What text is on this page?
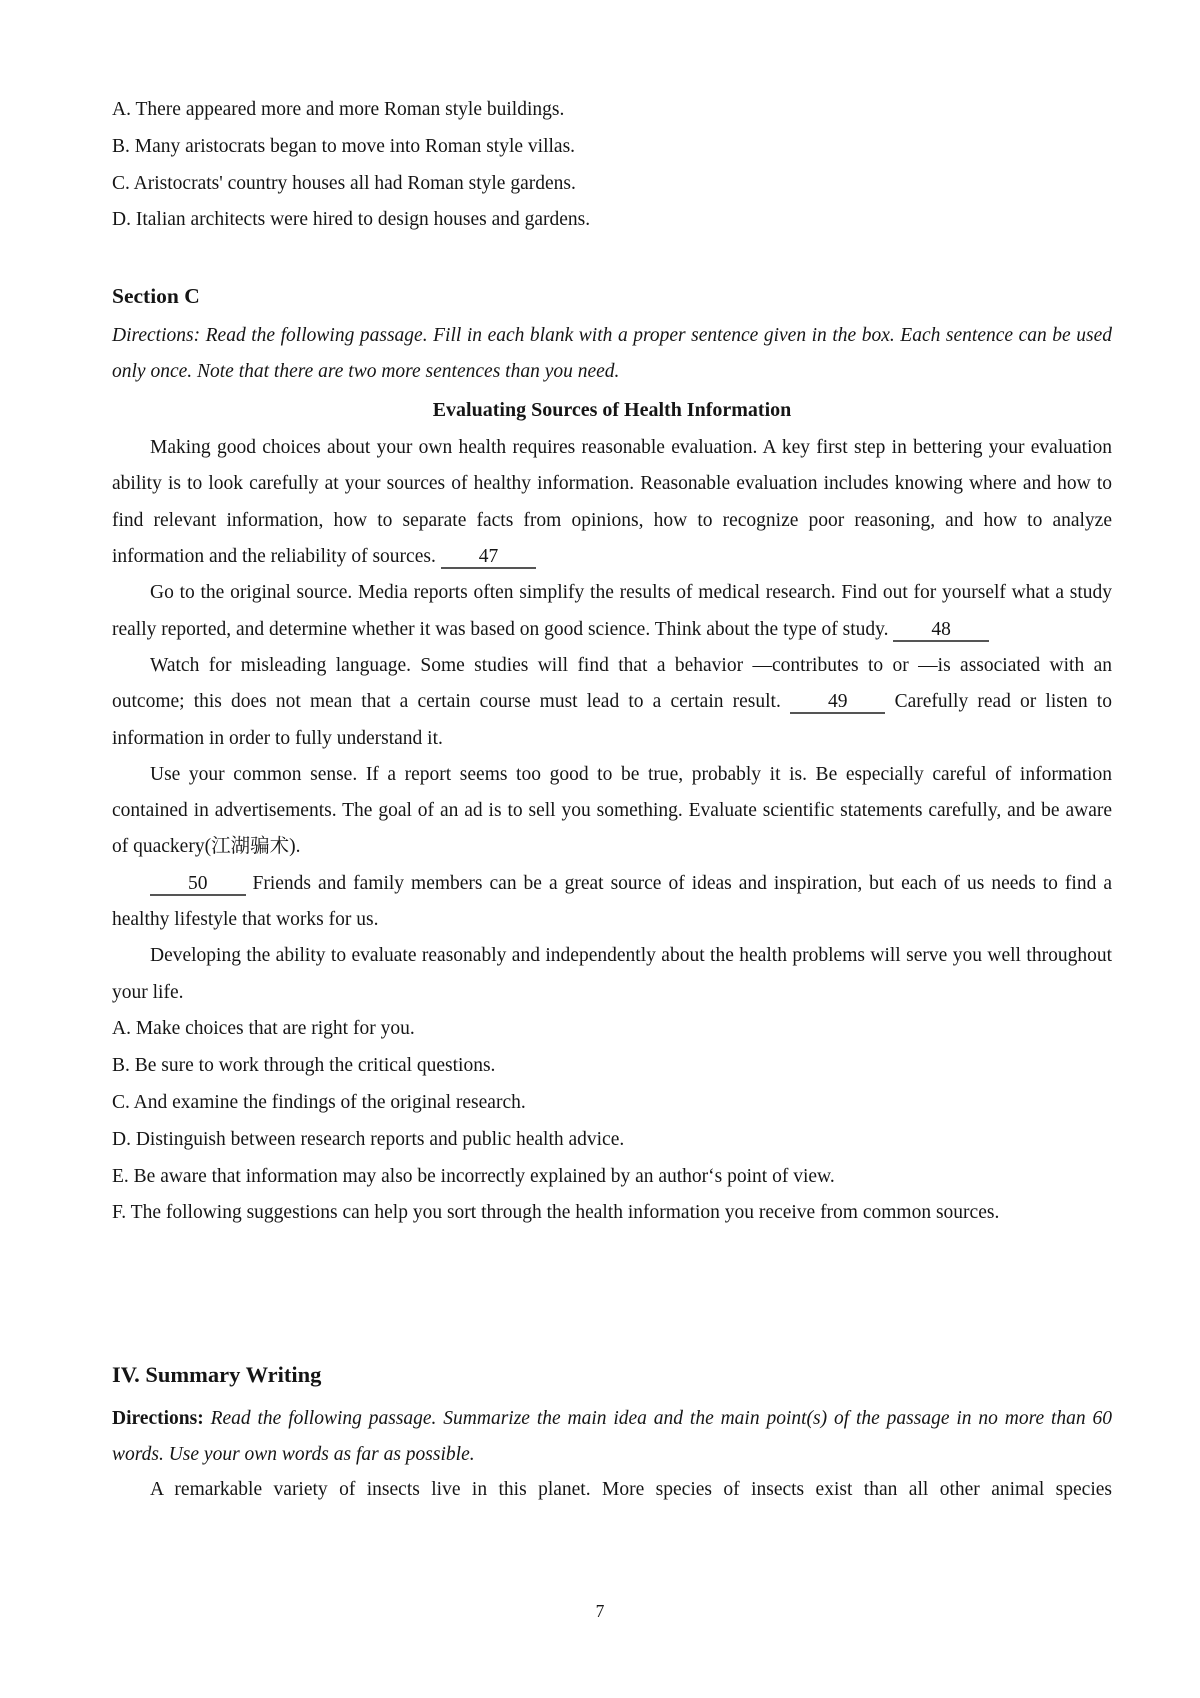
A. There appeared more and more Roman style buildings.

B. Many aristocrats began to move into Roman style villas.

C. Aristocrats' country houses all had Roman style gardens.

D. Italian architects were hired to design houses and gardens.

Section C

Directions: Read the following passage. Fill in each blank with a proper sentence given in the box. Each sentence can be used only once. Note that there are two more sentences than you need.

Evaluating Sources of Health Information

Making good choices about your own health requires reasonable evaluation. A key first step in bettering your evaluation ability is to look carefully at your sources of healthy information. Reasonable evaluation includes knowing where and how to find relevant information, how to separate facts from opinions, how to recognize poor reasoning, and how to analyze information and the reliability of sources. 47

Go to the original source. Media reports often simplify the results of medical research. Find out for yourself what a study really reported, and determine whether it was based on good science. Think about the type of study. 48

Watch for misleading language. Some studies will find that a behavior —contributes to or —is associated with an outcome; this does not mean that a certain course must lead to a certain result. 49 Carefully read or listen to information in order to fully understand it.

Use your common sense. If a report seems too good to be true, probably it is. Be especially careful of information contained in advertisements. The goal of an ad is to sell you something. Evaluate scientific statements carefully, and be aware of quackery(江湖骗术).

50 Friends and family members can be a great source of ideas and inspiration, but each of us needs to find a healthy lifestyle that works for us.

Developing the ability to evaluate reasonably and independently about the health problems will serve you well throughout your life.

A. Make choices that are right for you.

B. Be sure to work through the critical questions.

C. And examine the findings of the original research.

D. Distinguish between research reports and public health advice.

E. Be aware that information may also be incorrectly explained by an author‘s point of view.

F. The following suggestions can help you sort through the health information you receive from common sources.

IV. Summary Writing

Directions: Read the following passage. Summarize the main idea and the main point(s) of the passage in no more than 60 words. Use your own words as far as possible.

A remarkable variety of insects live in this planet. More species of insects exist than all other animal species

7
